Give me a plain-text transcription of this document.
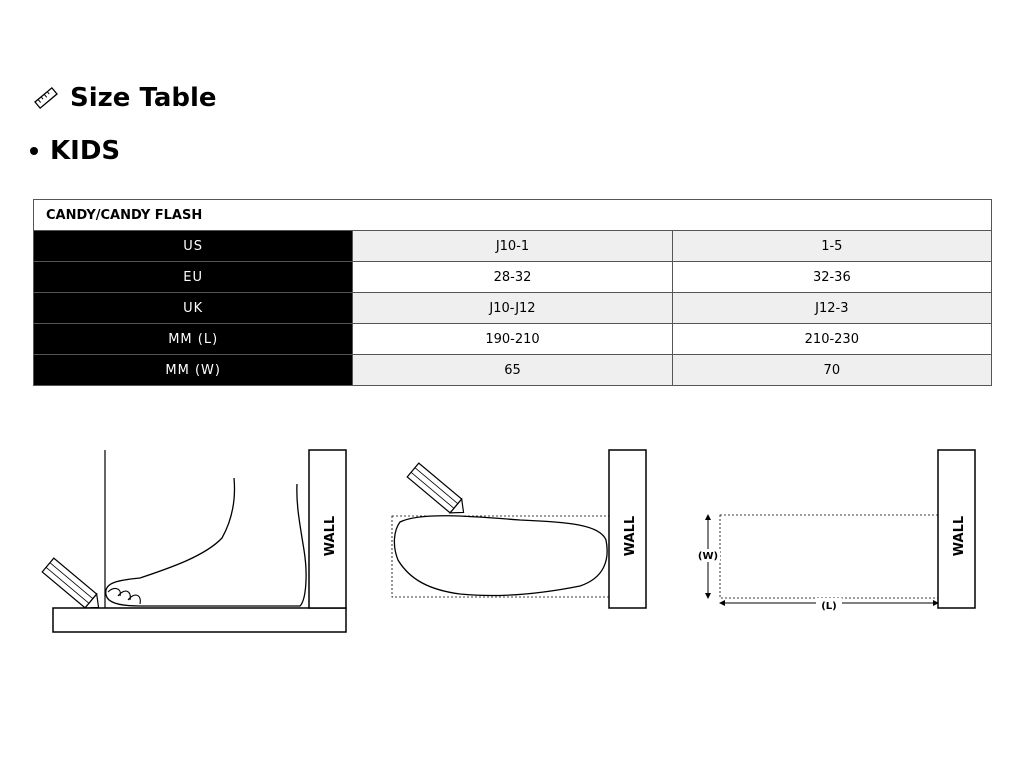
Size Table
KIDS
CANDY/CANDY FLASH		
US	J10-1	1-5
EU	28-32	32-36
UK	J10-J12	J12-3
MM (L)	190-210	210-230
MM (W)	65	70
WALL	WALL	WALL
(W)
(L)
